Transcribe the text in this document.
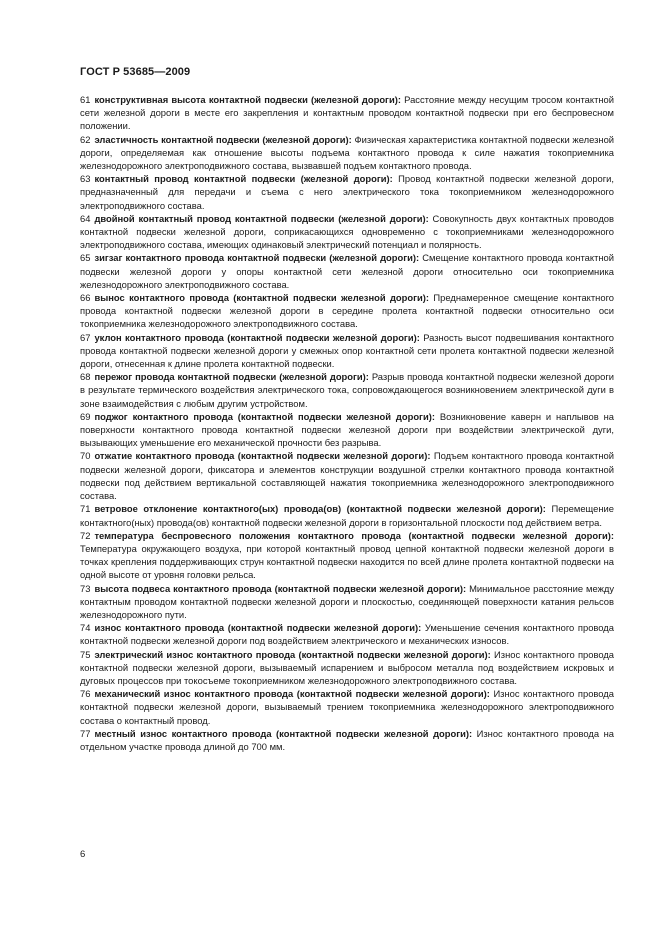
ГОСТ Р 53685—2009

61 конструктивная высота контактной подвески (железной дороги): Расстояние между несущим тросом контактной сети железной дороги в месте его закрепления и контактным проводом контактной подвески при его беспровесном положении.

62 эластичность контактной подвески (железной дороги): Физическая характеристика контактной подвески железной дороги, определяемая как отношение высоты подъема контактного провода к силе нажатия токоприемника железнодорожного электроподвижного состава, вызвавшей подъем контактного провода.

63 контактный провод контактной подвески (железной дороги): Провод контактной подвески железной дороги, предназначенный для передачи и съема с него электрического тока токоприемником железнодорожного электроподвижного состава.

64 двойной контактный провод контактной подвески (железной дороги): Совокупность двух контактных проводов контактной подвески железной дороги, соприкасающихся одновременно с токоприемниками железнодорожного электроподвижного состава, имеющих одинаковый электрический потенциал и полярность.

65 зигзаг контактного провода контактной подвески (железной дороги): Смещение контактного провода контактной подвески железной дороги у опоры контактной сети железной дороги относительно оси токоприемника железнодорожного электроподвижного состава.

66 вынос контактного провода (контактной подвески железной дороги): Преднамеренное смещение контактного провода контактной подвески железной дороги в середине пролета контактной подвески относительно оси токоприемника железнодорожного электроподвижного состава.

67 уклон контактного провода (контактной подвески железной дороги): Разность высот подвешивания контактного провода контактной подвески железной дороги у смежных опор контактной сети пролета контактной подвески железной дороги, отнесенная к длине пролета контактной подвески.

68 пережог провода контактной подвески (железной дороги): Разрыв провода контактной подвески железной дороги в результате термического воздействия электрического тока, сопровождающегося возникновением электрической дуги в зоне взаимодействия с любым другим устройством.

69 поджог контактного провода (контактной подвески железной дороги): Возникновение каверн и наплывов на поверхности контактного провода контактной подвески железной дороги при воздействии электрической дуги, вызывающих уменьшение его механической прочности без разрыва.

70 отжатие контактного провода (контактной подвески железной дороги): Подъем контактного провода контактной подвески железной дороги, фиксатора и элементов конструкции воздушной стрелки контактного провода контактной подвески под действием вертикальной составляющей нажатия токоприемника железнодорожного электроподвижного состава.

71 ветровое отклонение контактного(ых) провода(ов) (контактной подвески железной дороги): Перемещение контактного(ных) провода(ов) контактной подвески железной дороги в горизонтальной плоскости под действием ветра.

72 температура беспровесного положения контактного провода (контактной подвески железной дороги): Температура окружающего воздуха, при которой контактный провод цепной контактной подвески железной дороги в точках крепления поддерживающих струн контактной подвески находится по всей длине пролета контактной подвески на одной высоте от уровня головки рельса.

73 высота подвеса контактного провода (контактной подвески железной дороги): Минимальное расстояние между контактным проводом контактной подвески железной дороги и плоскостью, соединяющей поверхности катания рельсов железнодорожного пути.

74 износ контактного провода (контактной подвески железной дороги): Уменьшение сечения контактного провода контактной подвески железной дороги под воздействием электрического и механических износов.

75 электрический износ контактного провода (контактной подвески железной дороги): Износ контактного провода контактной подвески железной дороги, вызываемый испарением и выбросом металла под воздействием искровых и дуговых процессов при токосъеме токоприемником железнодорожного электроподвижного состава.

76 механический износ контактного провода (контактной подвески железной дороги): Износ контактного провода контактной подвески железной дороги, вызываемый трением токоприемника железнодорожного электроподвижного состава о контактный провод.

77 местный износ контактного провода (контактной подвески железной дороги): Износ контактного провода на отдельном участке провода длиной до 700 мм.

6
